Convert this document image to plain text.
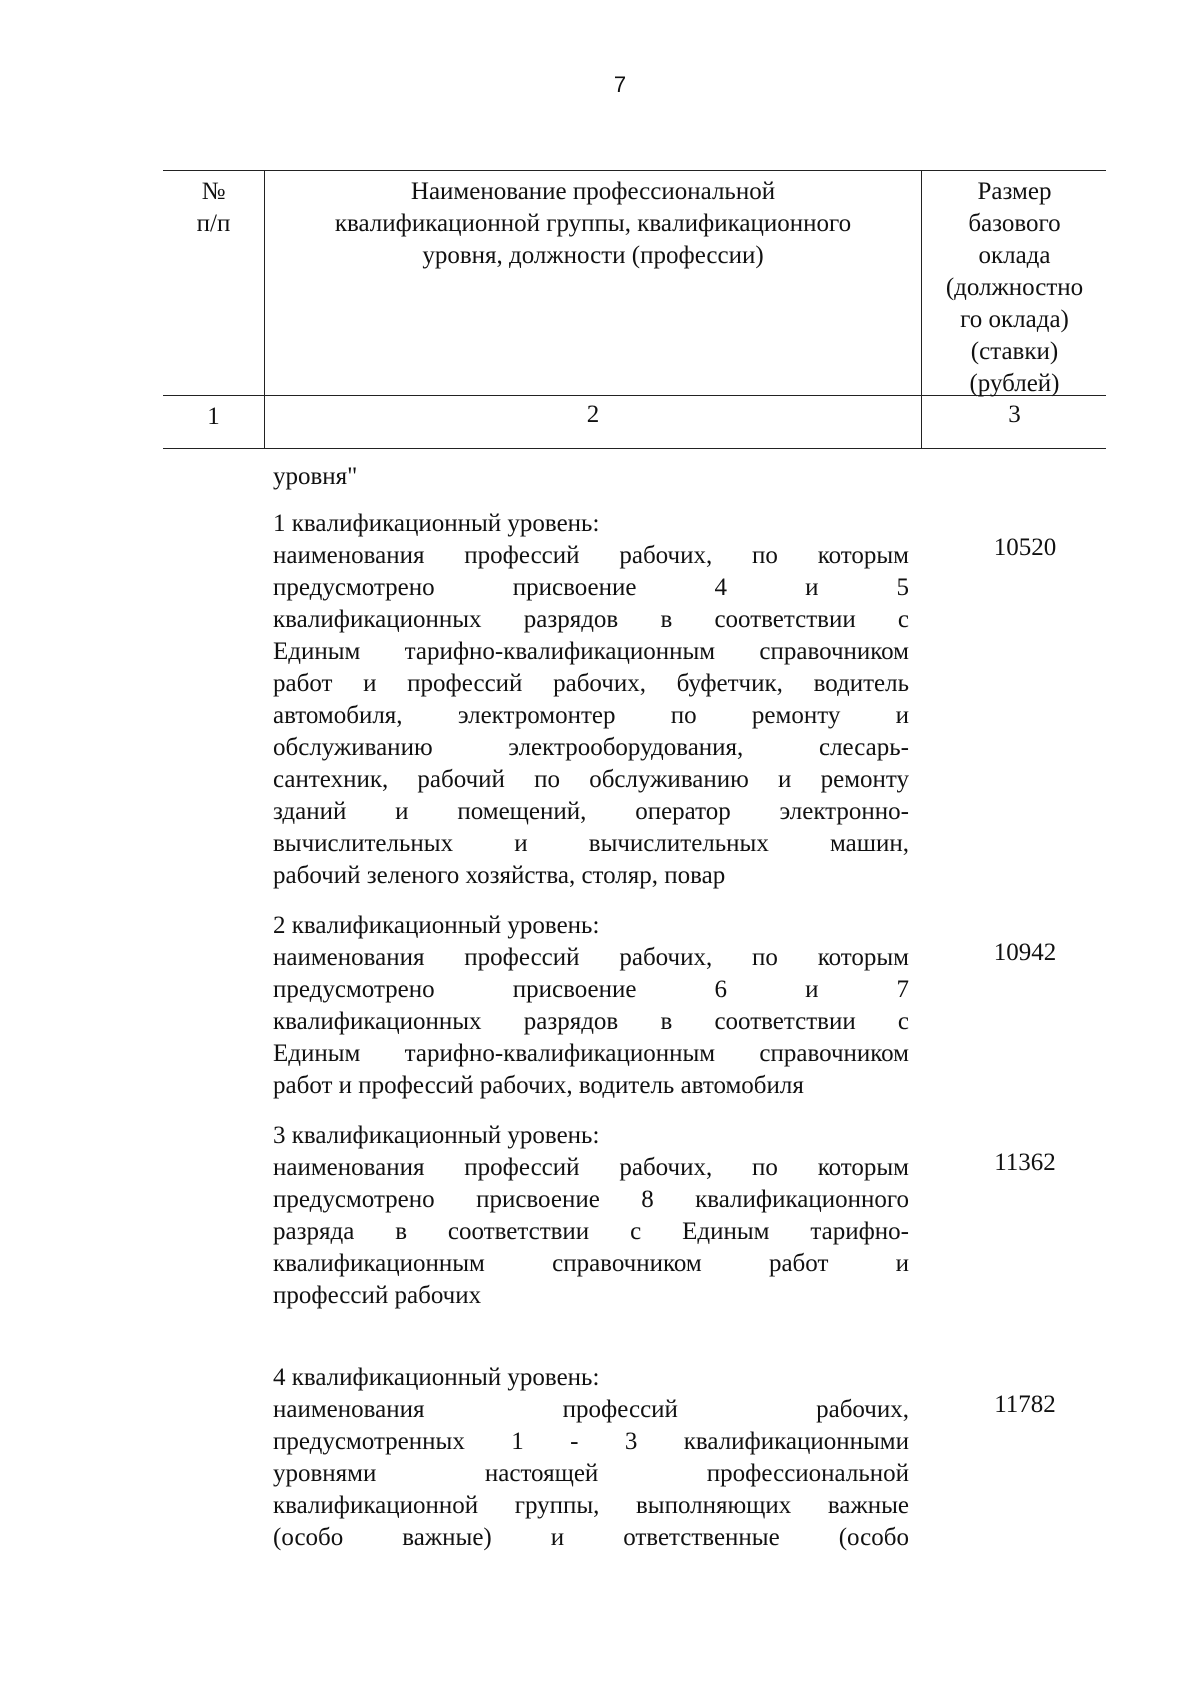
7
№
п/п
Наименование профессиональной
квалификационной группы, квалификационного
уровня, должности (профессии)
Размер
базового
оклада
(должностно
го оклада)
(ставки)
(рублей)
1	2	3
уровня"
1 квалификационный уровень:
наименования профессий рабочих, по которым
предусмотрено присвоение 4 и 5
квалификационных разрядов в соответствии с
Единым тарифно-квалификационным справочником
работ и профессий рабочих, буфетчик, водитель
автомобиля, электромонтер по ремонту и
обслуживанию электрооборудования, слесарь-
сантехник, рабочий по обслуживанию и ремонту
зданий и помещений, оператор электронно-
вычислительных и вычислительных машин,
рабочий зеленого хозяйства, столяр, повар
10520
2 квалификационный уровень:
наименования профессий рабочих, по которым
предусмотрено присвоение 6 и 7
квалификационных разрядов в соответствии с
Единым тарифно-квалификационным справочником
работ и профессий рабочих, водитель автомобиля
10942
3 квалификационный уровень:
наименования профессий рабочих, по которым
предусмотрено присвоение 8 квалификационного
разряда в соответствии с Единым тарифно-
квалификационным справочником работ и
профессий рабочих
11362
4 квалификационный уровень:
наименования профессий рабочих,
предусмотренных 1 - 3 квалификационными
уровнями настоящей профессиональной
квалификационной группы, выполняющих важные
(особо важные) и ответственные (особо
11782
